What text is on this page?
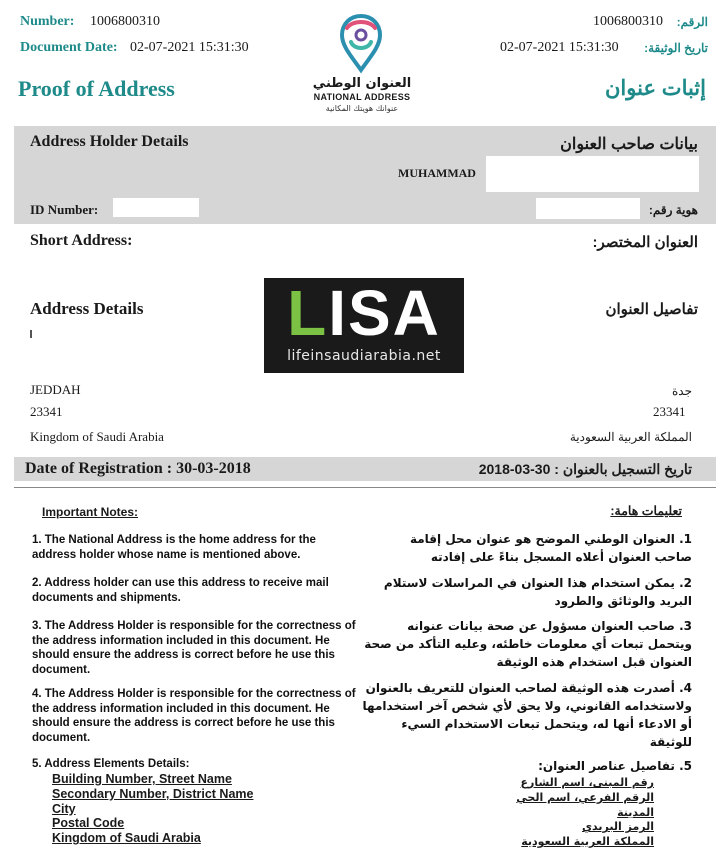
Number: 1006800310
Document Date: 02-07-2021 15:31:30
1006800310 الرقم:
02-07-2021 15:31:30 تاريخ الوثيقة:
Proof of Address	إثبات عنوان
العنوان الوطني
NATIONAL ADDRESS
عنوانك هويتك المكانية
Address Holder Details	بيانات صاحب العنوان
MUHAMMAD
ID Number:	هوية رقم:
Short Address:	العنوان المختصر:
Address Details	تفاصيل العنوان
LISA
lifeinsaudiarabia.net
JEDDAH	جدة
23341	23341
Kingdom of Saudi Arabia	المملكة العربية السعودية
Date of Registration : 30-03-2018	تاريخ التسجيل بالعنوان : 30-03-2018
Important Notes:	تعليمات هامة:
1. The National Address is the home address for the address holder whose name is mentioned above.
2. Address holder can use this address to receive mail documents and shipments.
3. The Address Holder is responsible for the correctness of the address information included in this document. He should ensure the address is correct before he use this document.
4. The Address Holder is responsible for the correctness of the address information included in this document. He should ensure the address is correct before he use this document.
5. Address Elements Details:
1. العنوان الوطني الموضح هو عنوان محل إقامة صاحب العنوان أعلاه المسجل بناءً على إفادته
2. يمكن استخدام هذا العنوان في المراسلات لاستلام البريد والوثائق والطرود
3. صاحب العنوان مسؤول عن صحة بيانات عنوانه ويتحمل تبعات أي معلومات خاطئه، وعليه التأكد من صحة العنوان قبل استخدام هذه الوثيقة
4. أصدرت هذه الوثيقة لصاحب العنوان للتعريف بالعنوان ولاستخدامه القانوني، ولا يحق لأي شخص آخر استخدامها أو الادعاء أنها له، ويتحمل تبعات الاستخدام السيء للوثيقة
5. تفاصيل عناصر العنوان:
Building Number, Street Name
Secondary Number, District Name
City
Postal Code
Kingdom of Saudi Arabia
رقم المبنى، اسم الشارع
الرقم الفرعي، اسم الحي
المدينة
الرمز البريدي
المملكة العربية السعودية
